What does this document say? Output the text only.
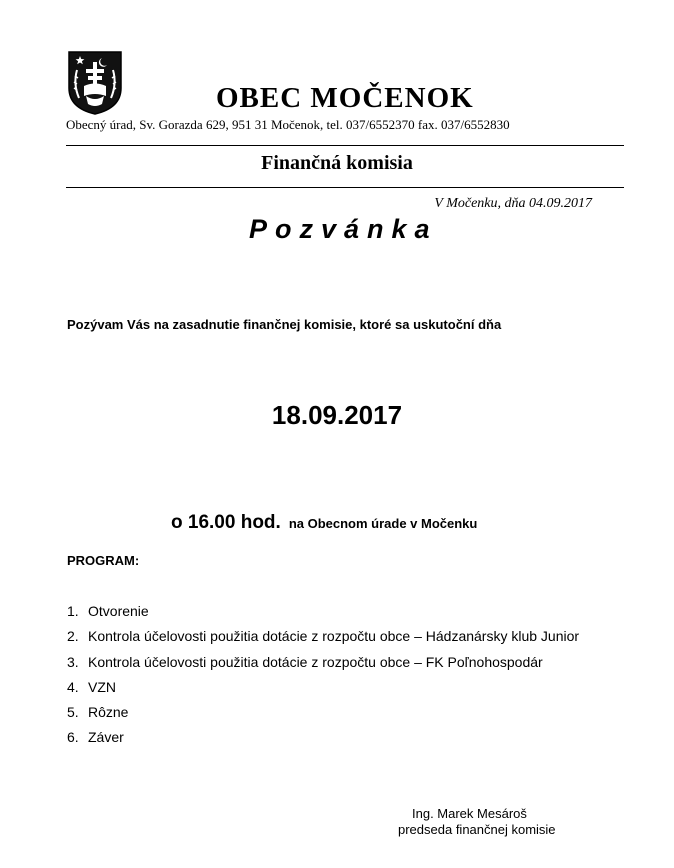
OBEC MOČENOK
Obecný úrad, Sv. Gorazda 629, 951 31 Močenok, tel. 037/6552370 fax. 037/6552830
Finančná komisia
V Močenku, dňa 04.09.2017
Pozvánka
Pozývam Vás na zasadnutie finančnej komisie, ktoré sa uskutoční dňa
18.09.2017
o 16.00 hod. na Obecnom úrade v Močenku
PROGRAM:
1. Otvorenie
2. Kontrola účelovosti použitia dotácie z rozpočtu obce – Hádzanársky klub Junior
3. Kontrola účelovosti použitia dotácie z rozpočtu obce – FK Poľnohospodár
4. VZN
5. Rôzne
6. Záver
Ing. Marek Mesároš
predseda finančnej komisie
